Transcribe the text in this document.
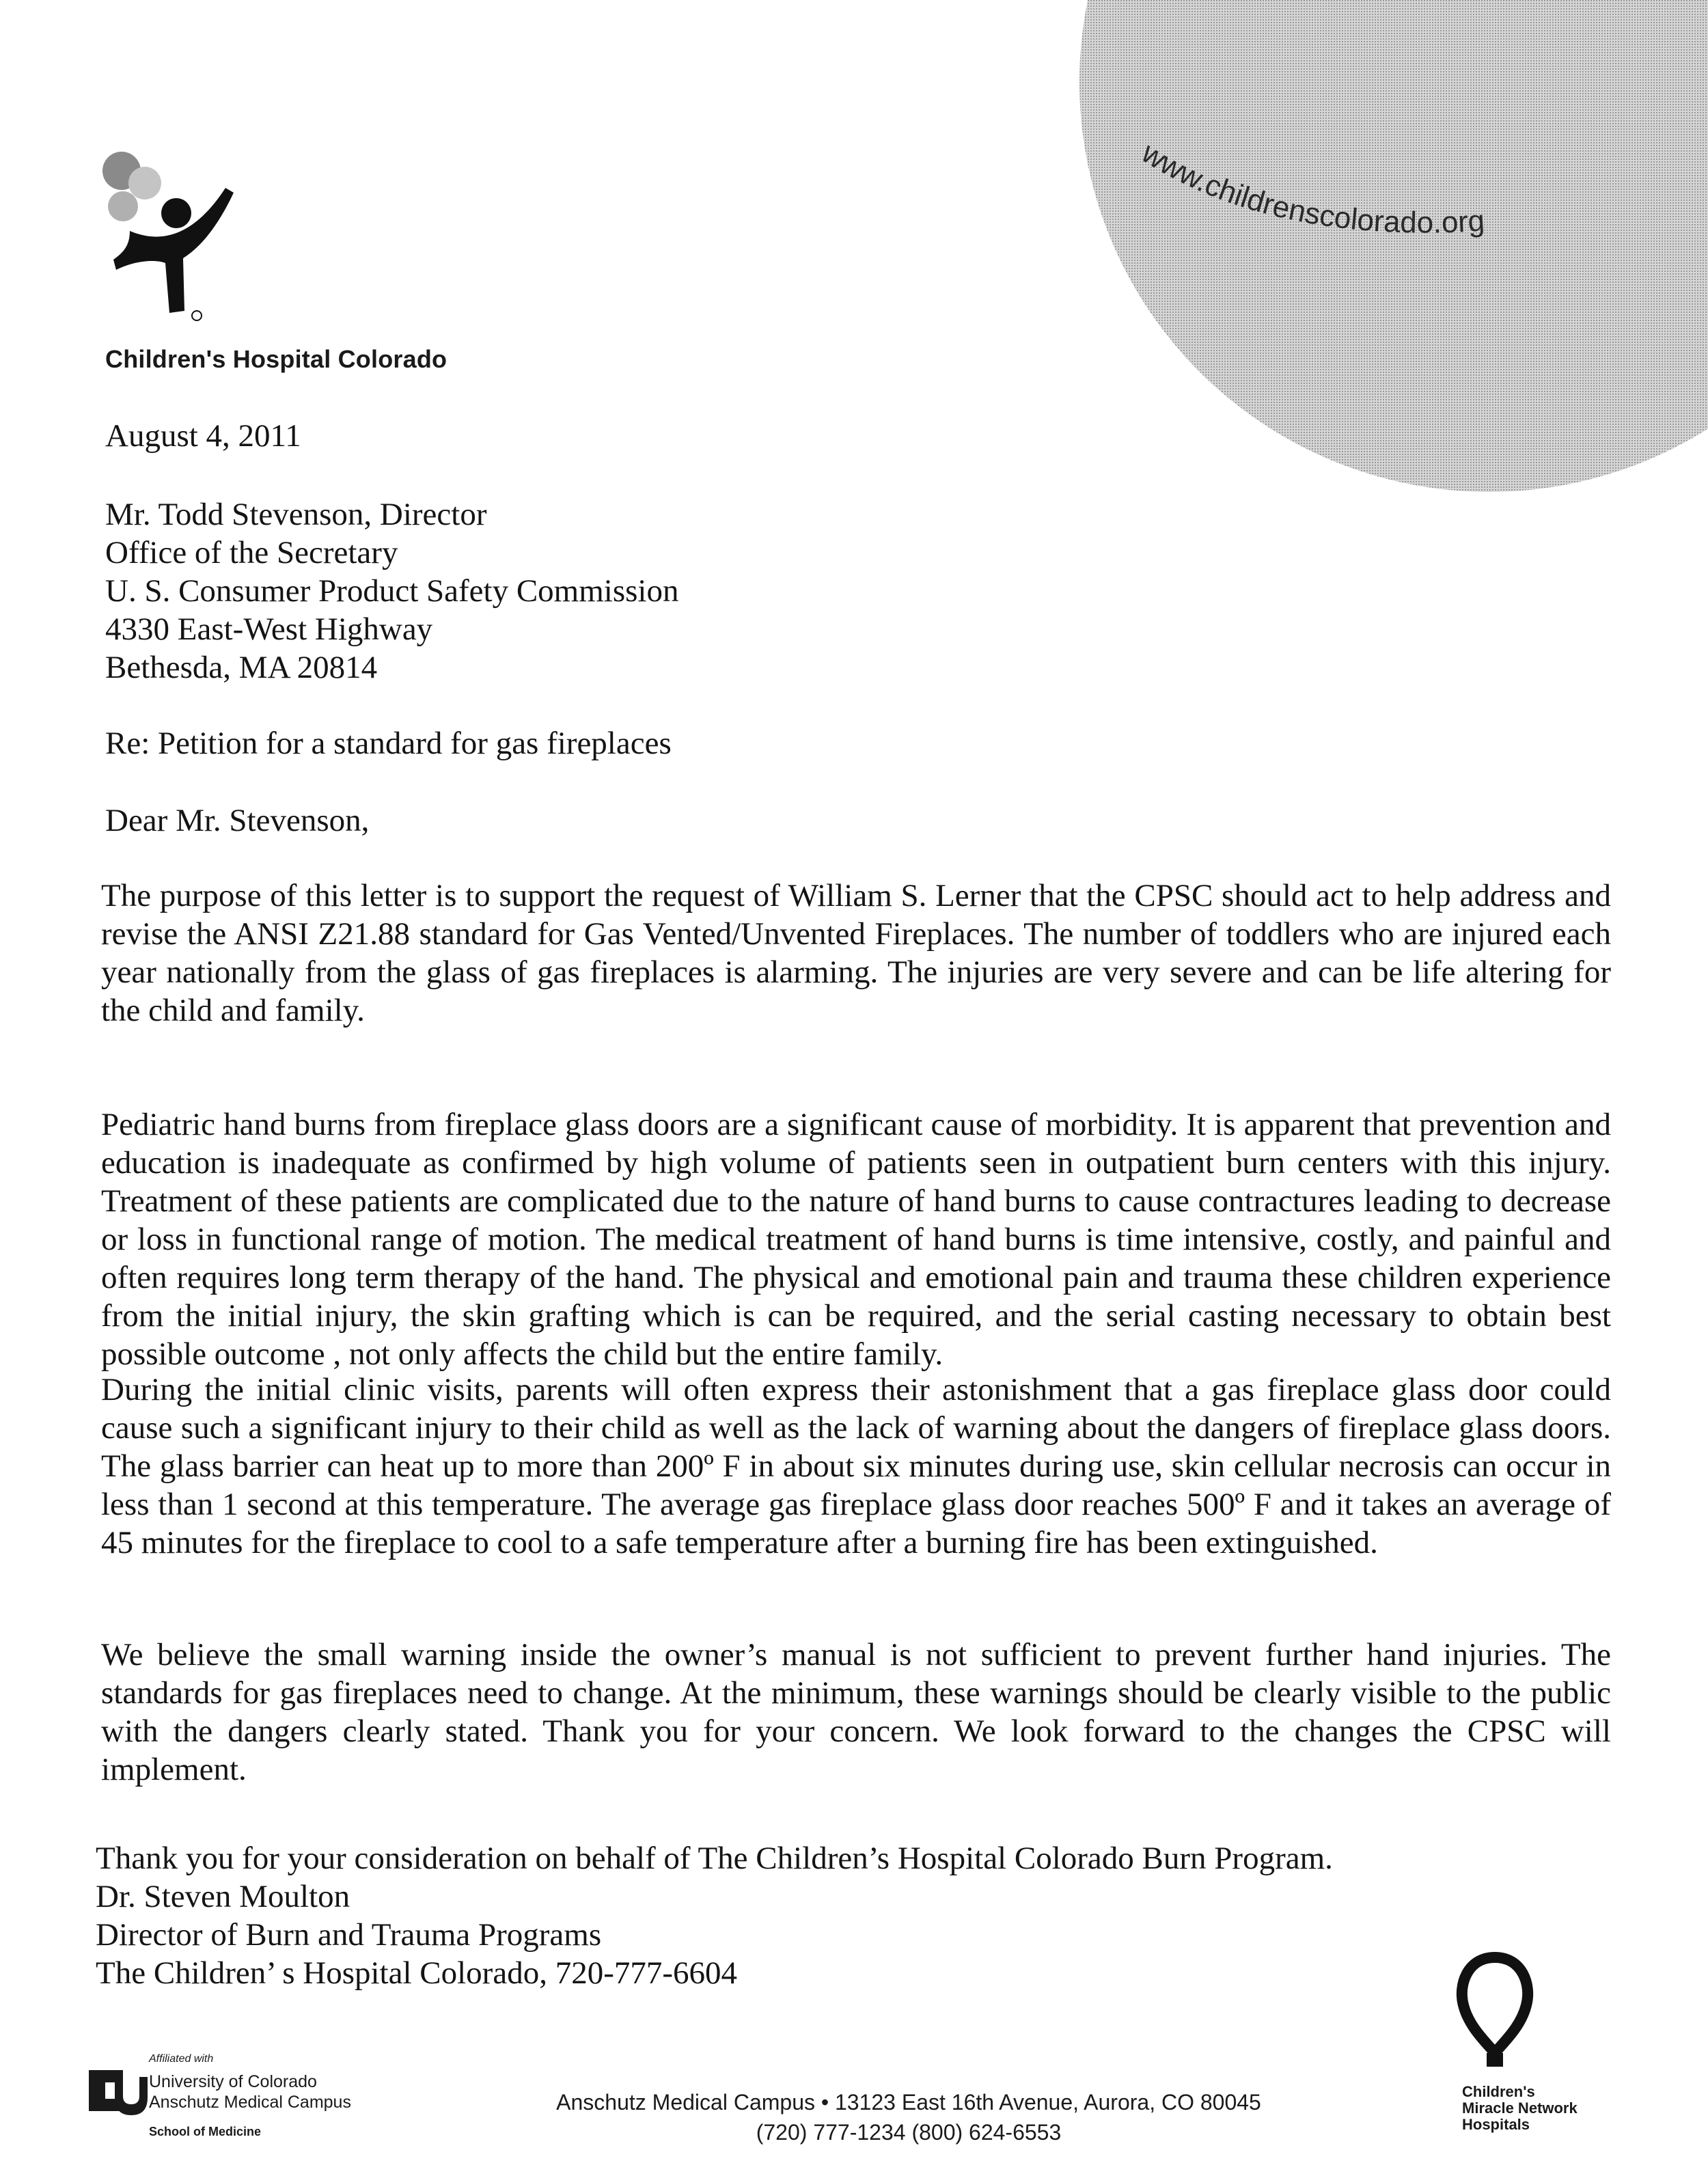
www.childrenscolorado.org
Children's Hospital Colorado
August 4, 2011
Mr. Todd Stevenson, Director
Office of the Secretary
U. S. Consumer Product Safety Commission
4330 East-West Highway
Bethesda, MA 20814
Re: Petition for a standard for gas fireplaces
Dear Mr. Stevenson,
The purpose of this letter is to support the request of William S. Lerner that the CPSC should act to help address and revise the ANSI Z21.88 standard for Gas Vented/Unvented Fireplaces. The number of toddlers who are injured each year nationally from the glass of gas fireplaces is alarming. The injuries are very severe and can be life altering for the child and family.
Pediatric hand burns from fireplace glass doors are a significant cause of morbidity. It is apparent that prevention and education is inadequate as confirmed by high volume of patients seen in outpatient burn centers with this injury. Treatment of these patients are complicated due to the nature of hand burns to cause contractures leading to decrease or loss in functional range of motion. The medical treatment of hand burns is time intensive, costly, and painful and often requires long term therapy of the hand. The physical and emotional pain and trauma these children experience from the initial injury, the skin grafting which is can be required, and the serial casting necessary to obtain best possible outcome , not only affects the child but the entire family.
During the initial clinic visits, parents will often express their astonishment that a gas fireplace glass door could cause such a significant injury to their child as well as the lack of warning about the dangers of fireplace glass doors. The glass barrier can heat up to more than 200º F in about six minutes during use, skin cellular necrosis can occur in less than 1 second at this temperature. The average gas fireplace glass door reaches 500º F and it takes an average of 45 minutes for the fireplace to cool to a safe temperature after a burning fire has been extinguished.
We believe the small warning inside the owner’s manual is not sufficient to prevent further hand injuries. The standards for gas fireplaces need to change. At the minimum, these warnings should be clearly visible to the public with the dangers clearly stated. Thank you for your concern. We look forward to the changes the CPSC will implement.
Thank you for your consideration on behalf of The Children’s Hospital Colorado Burn Program.
Dr. Steven Moulton
Director of Burn and Trauma Programs
The Children’ s Hospital Colorado, 720-777-6604
Affiliated with
University of Colorado
Anschutz Medical Campus
School of Medicine
Anschutz Medical Campus • 13123 East 16th Avenue, Aurora, CO 80045
(720) 777-1234 (800) 624-6553
Children's
Miracle Network
Hospitals
